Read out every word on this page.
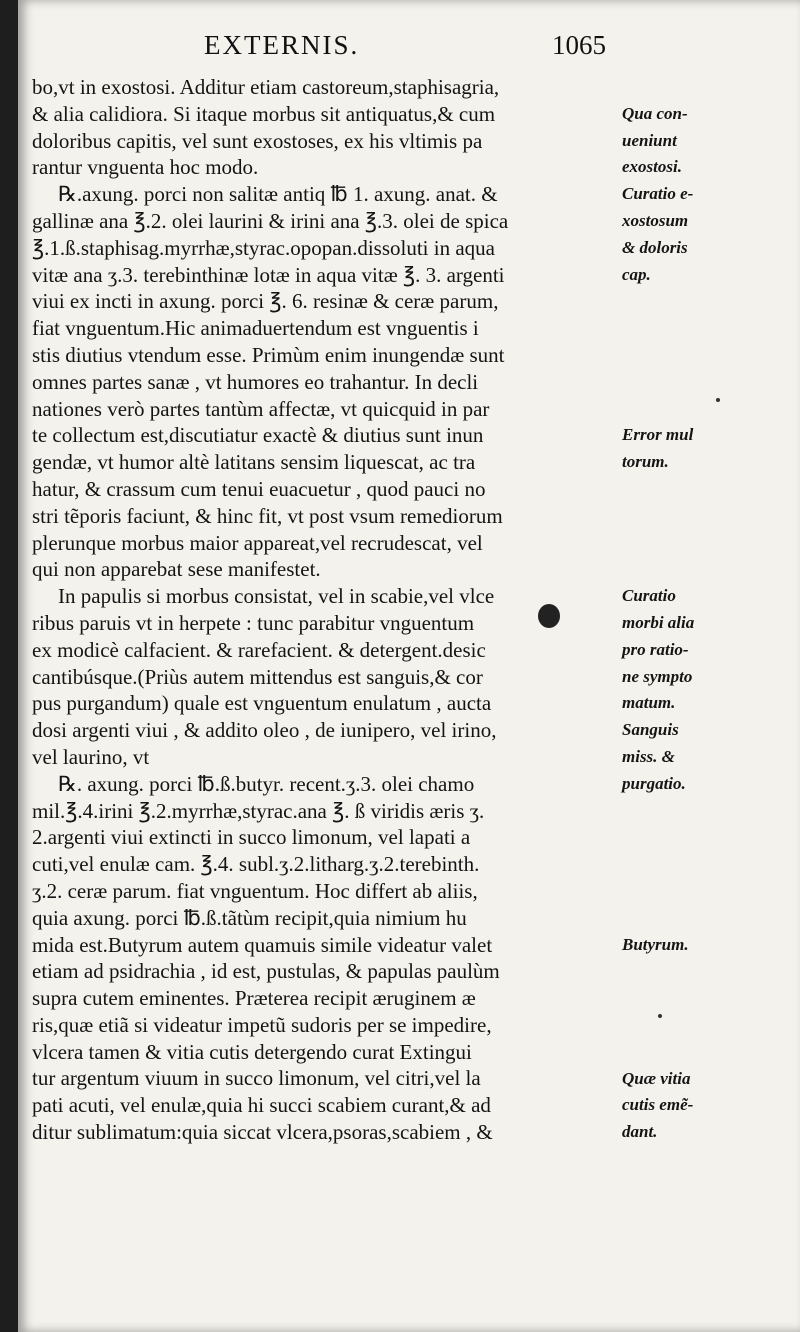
EXTERNIS.	1065
bo,vt in exostosi. Additur etiam castoreum,staphisagria,
& alia calidiora. Si itaque morbus sit antiquatus,& cum
doloribus capitis, vel sunt exostoses, ex his vltimis pa
rantur vnguenta hoc modo.
℞.axung. porci non salitæ antiq ℔ 1. axung. anat. &
gallinæ ana ℥.2. olei laurini & irini ana ℥.3. olei de spica
℥.1.ß.staphisag.myrrhæ,styrac.opopan.dissoluti in aqua
vitæ ana ʒ.3. terebinthinæ lotæ in aqua vitæ ℥. 3. argenti
viui ex incti in axung. porci ℥. 6. resinæ & ceræ parum,
fiat vnguentum.Hic animaduertendum est vnguentis i
stis diutius vtendum esse. Primùm enim inungendæ sunt
omnes partes sanæ , vt humores eo trahantur. In decli
nationes verò partes tantùm affectæ, vt quicquid in par
te collectum est,discutiatur exactè & diutius sunt inun
gendæ, vt humor altè latitans sensim liquescat, ac tra
hatur, & crassum cum tenui euacuetur , quod pauci no
stri tẽporis faciunt, & hinc fit, vt post vsum remediorum
plerunque morbus maior appareat,vel recrudescat, vel
qui non apparebat sese manifestet.
In papulis si morbus consistat, vel in scabie,vel vlce
ribus paruis vt in herpete : tunc parabitur vnguentum
ex modicè calfacient. & rarefacient. & detergent.desic
cantibúsque.(Priùs autem mittendus est sanguis,& cor
pus purgandum) quale est vnguentum enulatum , aucta
dosi argenti viui , & addito oleo , de iunipero, vel irino,
vel laurino, vt
℞. axung. porci ℔.ß.butyr. recent.ʒ.3. olei chamo
mil.℥.4.irini ℥.2.myrrhæ,styrac.ana ℥. ß viridis æris ʒ.
2.argenti viui extincti in succo limonum, vel lapati a
cuti,vel enulæ cam. ℥.4. subl.ʒ.2.litharg.ʒ.2.terebinth.
ʒ.2. ceræ parum. fiat vnguentum. Hoc differt ab aliis,
quia axung. porci ℔.ß.tãtùm recipit,quia nimium hu
mida est.Butyrum autem quamuis simile videatur valet
etiam ad psidrachia , id est, pustulas, & papulas paulùm
supra cutem eminentes. Præterea recipit æruginem æ
ris,quæ etiã si videatur impetũ sudoris per se impedire,
vlcera tamen & vitia cutis detergendo curat Extingui
tur argentum viuum in succo limonum, vel citri,vel la
pati acuti, vel enulæ,quia hi succi scabiem curant,& ad
ditur sublimatum:quia siccat vlcera,psoras,scabiem , &
Qua con-
ueniunt
exostosi.
Curatio e-
xostosum
& doloris
cap.
Error mul
torum.
Curatio
morbi alia
pro ratio-
ne sympto
matum.
Sanguis
miss. &
purgatio.
Butyrum.
Quæ vitia
cutis emẽ-
dant.
